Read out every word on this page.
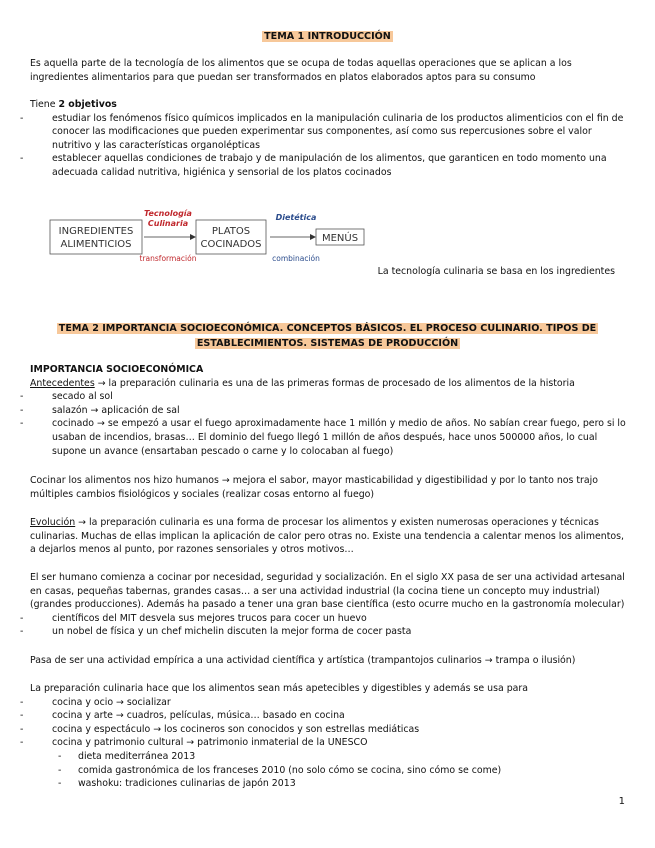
TEMA 1 INTRODUCCIÓN
Es aquella parte de la tecnología de los alimentos que se ocupa de todas aquellas operaciones que se aplican a los ingredientes alimentarios para que puedan ser transformados en platos elaborados aptos para su consumo
Tiene 2 objetivos
- estudiar los fenómenos físico químicos implicados en la manipulación culinaria de los productos alimenticios con el fin de conocer las modificaciones que pueden experimentar sus componentes, así como sus repercusiones sobre el valor nutritivo y las características organolépticas
- establecer aquellas condiciones de trabajo y de manipulación de los alimentos, que garanticen en todo momento una adecuada calidad nutritiva, higiénica y sensorial de los platos cocinados
INGREDIENTES
ALIMENTICIOS
Tecnología
Culinaria
transformación
PLATOS
COCINADOS
Dietética
combinación
MENÚS
La tecnología culinaria se basa en los ingredientes
TEMA 2 IMPORTANCIA SOCIOECONÓMICA. CONCEPTOS BÁSICOS. EL PROCESO CULINARIO. TIPOS DE
ESTABLECIMIENTOS. SISTEMAS DE PRODUCCIÓN
IMPORTANCIA SOCIOECONÓMICA
Antecedentes → la preparación culinaria es una de las primeras formas de procesado de los alimentos de la historia
- secado al sol
- salazón → aplicación de sal
- cocinado → se empezó a usar el fuego aproximadamente hace 1 millón y medio de años. No sabían crear fuego, pero si lo usaban de incendios, brasas… El dominio del fuego llegó 1 millón de años después, hace unos 500000 años, lo cual supone un avance (ensartaban pescado o carne y lo colocaban al fuego)
Cocinar los alimentos nos hizo humanos → mejora el sabor, mayor masticabilidad y digestibilidad y por lo tanto nos trajo múltiples cambios fisiológicos y sociales (realizar cosas entorno al fuego)
Evolución → la preparación culinaria es una forma de procesar los alimentos y existen numerosas operaciones y técnicas culinarias. Muchas de ellas implican la aplicación de calor pero otras no. Existe una tendencia a calentar menos los alimentos, a dejarlos menos al punto, por razones sensoriales y otros motivos…
El ser humano comienza a cocinar por necesidad, seguridad y socialización. En el siglo XX pasa de ser una actividad artesanal en casas, pequeñas tabernas, grandes casas… a ser una actividad industrial (la cocina tiene un concepto muy industrial) (grandes producciones). Además ha pasado a tener una gran base científica (esto ocurre mucho en la gastronomía molecular)
- científicos del MIT desvela sus mejores trucos para cocer un huevo
- un nobel de física y un chef michelin discuten la mejor forma de cocer pasta
Pasa de ser una actividad empírica a una actividad científica y artística (trampantojos culinarios → trampa o ilusión)
La preparación culinaria hace que los alimentos sean más apetecibles y digestibles y además se usa para
- cocina y ocio → socializar
- cocina y arte → cuadros, películas, música… basado en cocina
- cocina y espectáculo → los cocineros son conocidos y son estrellas mediáticas
- cocina y patrimonio cultural → patrimonio inmaterial de la UNESCO
- dieta mediterránea 2013
- comida gastronómica de los franceses 2010 (no solo cómo se cocina, sino cómo se come)
- washoku: tradiciones culinarias de japón 2013
1
